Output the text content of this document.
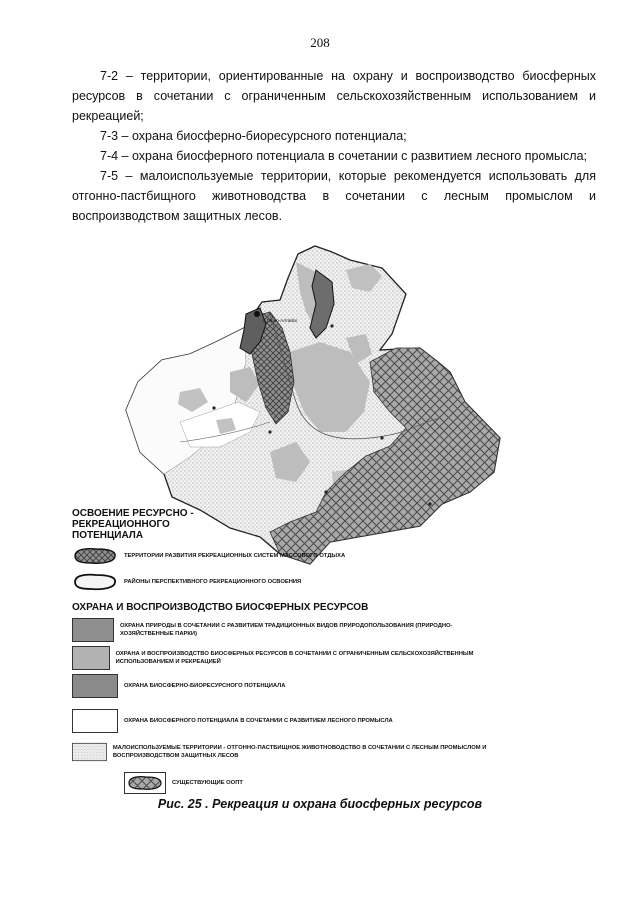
208

7-2 – территории, ориентированные на охрану и воспроизводство биосферных ресурсов в сочетании с ограниченным сельскохозяйственным использованием и рекреацией;

7-3 – охрана биосферно-биоресурсного потенциала;

7-4 – охрана биосферного потенциала в сочетании с развитием лесного промысла;

7-5 – малоиспользуемые территории, которые рекомендуется использовать для отгонно-пастбищного животноводства в сочетании с лесным промыслом и воспроизводством защитных лесов.

г. Горно-Алтайск
ОСВОЕНИЕ РЕСУРСНО - РЕКРЕАЦИОННОГО ПОТЕНЦИАЛА
ТЕРРИТОРИИ РАЗВИТИЯ РЕКРЕАЦИОННЫХ СИСТЕМ МАССОВОГО ОТДЫХА
РАЙОНЫ ПЕРСПЕКТИВНОГО РЕКРЕАЦИОННОГО ОСВОЕНИЯ
ОХРАНА И ВОСПРОИЗВОДСТВО БИОСФЕРНЫХ РЕСУРСОВ
ОХРАНА ПРИРОДЫ В СОЧЕТАНИИ С РАЗВИТИЕМ ТРАДИЦИОННЫХ ВИДОВ ПРИРОДОПОЛЬЗОВАНИЯ (ПРИРОДНО-ХОЗЯЙСТВЕННЫЕ ПАРКИ)
ОХРАНА И ВОСПРОИЗВОДСТВО БИОСФЕРНЫХ РЕСУРСОВ В СОЧЕТАНИИ С ОГРАНИЧЕННЫМ СЕЛЬСКОХОЗЯЙСТВЕННЫМ ИСПОЛЬЗОВАНИЕМ И РЕКРЕАЦИЕЙ
ОХРАНА БИОСФЕРНО-БИОРЕСУРСНОГО ПОТЕНЦИАЛА
ОХРАНА БИОСФЕРНОГО ПОТЕНЦИАЛА В СОЧЕТАНИИ С РАЗВИТИЕМ ЛЕСНОГО ПРОМЫСЛА
МАЛОИСПОЛЬЗУЕМЫЕ ТЕРРИТОРИИ - ОТГОННО-ПАСТБИЩНОЕ ЖИВОТНОВОДСТВО В СОЧЕТАНИИ С ЛЕСНЫМ ПРОМЫСЛОМ И ВОСПРОИЗВОДСТВОМ ЗАЩИТНЫХ ЛЕСОВ
СУЩЕСТВУЮЩИЕ ООПТ
Рис. 25 . Рекреация и охрана биосферных ресурсов
